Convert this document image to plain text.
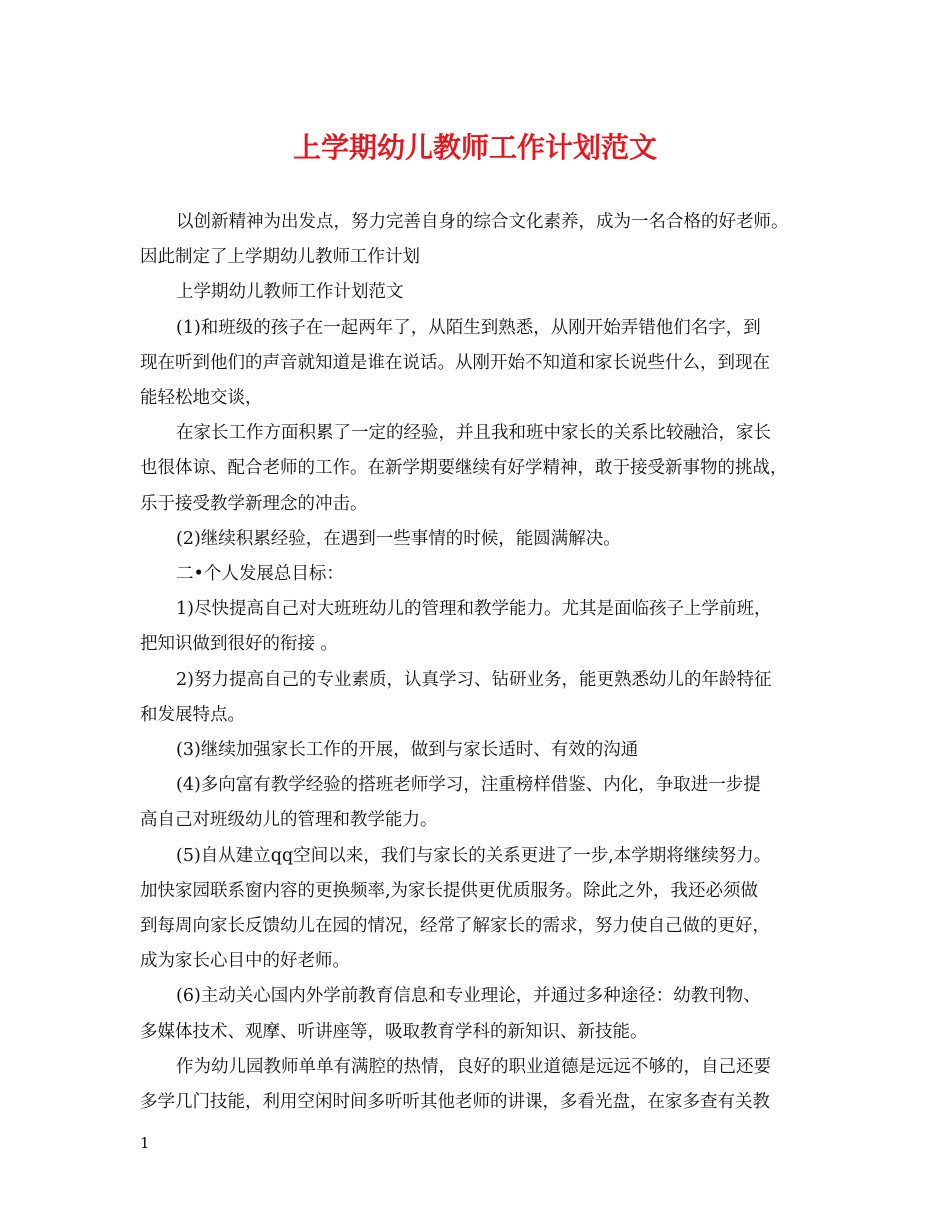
上学期幼儿教师工作计划范文
以创新精神为出发点，努力完善自身的综合文化素养，成为一名合格的好老师。
因此制定了上学期幼儿教师工作计划
上学期幼儿教师工作计划范文
(1)和班级的孩子在一起两年了，从陌生到熟悉，从刚开始弄错他们名字，到
现在听到他们的声音就知道是谁在说话。从刚开始不知道和家长说些什么，到现在
能轻松地交谈，
在家长工作方面积累了一定的经验，并且我和班中家长的关系比较融洽，家长
也很体谅、配合老师的工作。在新学期要继续有好学精神，敢于接受新事物的挑战，
乐于接受教学新理念的冲击。
(2)继续积累经验，在遇到一些事情的时候，能圆满解决。
二•个人发展总目标：
1)尽快提高自己对大班班幼儿的管理和教学能力。尤其是面临孩子上学前班，
把知识做到很好的衔接 。
2)努力提高自己的专业素质，认真学习、钻研业务，能更熟悉幼儿的年龄特征
和发展特点。
(3)继续加强家长工作的开展，做到与家长适时、有效的沟通
(4)多向富有教学经验的搭班老师学习，注重榜样借鉴、内化，争取进一步提
高自己对班级幼儿的管理和教学能力。
(5)自从建立qq空间以来，我们与家长的关系更进了一步,本学期将继续努力。
加快家园联系窗内容的更换频率,为家长提供更优质服务。除此之外，我还必须做
到每周向家长反馈幼儿在园的情况，经常了解家长的需求，努力使自己做的更好，
成为家长心目中的好老师。
(6)主动关心国内外学前教育信息和专业理论，并通过多种途径：幼教刊物、
多媒体技术、观摩、听讲座等，吸取教育学科的新知识、新技能。
作为幼儿园教师单单有满腔的热情，良好的职业道德是远远不够的，自己还要
多学几门技能，利用空闲时间多听听其他老师的讲课，多看光盘，在家多查有关教
1
